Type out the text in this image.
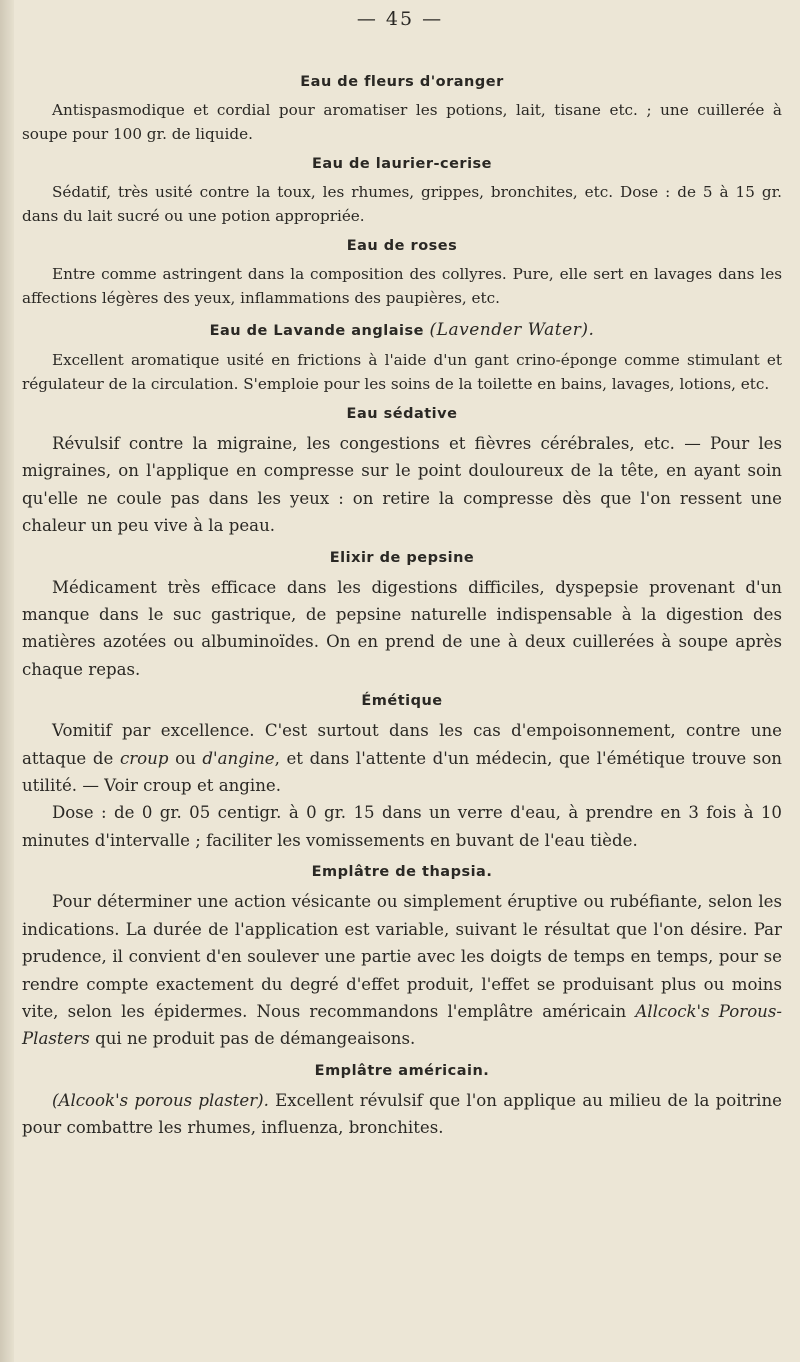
— 45 —
Eau de fleurs d'oranger

Antispasmodique et cordial pour aromatiser les potions, lait, tisane etc. ; une cuillerée à soupe pour 100 gr. de liquide.

Eau de laurier-cerise

Sédatif, très usité contre la toux, les rhumes, grippes, bronchites, etc. Dose : de 5 à 15 gr. dans du lait sucré ou une potion appropriée.

Eau de roses

Entre comme astringent dans la composition des collyres. Pure, elle sert en lavages dans les affections légères des yeux, inflammations des paupières, etc.

Eau de Lavande anglaise (Lavender Water).

Excellent aromatique usité en frictions à l'aide d'un gant crino-éponge comme stimulant et régulateur de la circulation. S'emploie pour les soins de la toilette en bains, lavages, lotions, etc.

Eau sédative

Révulsif contre la migraine, les congestions et fièvres cérébrales, etc. — Pour les migraines, on l'applique en compresse sur le point douloureux de la tête, en ayant soin qu'elle ne coule pas dans les yeux : on retire la compresse dès que l'on ressent une chaleur un peu vive à la peau.

Elixir de pepsine

Médicament très efficace dans les digestions difficiles, dyspepsie provenant d'un manque dans le suc gastrique, de pepsine naturelle indispensable à la digestion des matières azotées ou albuminoïdes. On en prend de une à deux cuillerées à soupe après chaque repas.

Émétique

Vomitif par excellence. C'est surtout dans les cas d'empoisonnement, contre une attaque de croup ou d'angine, et dans l'attente d'un médecin, que l'émétique trouve son utilité. — Voir croup et angine.

Dose : de 0 gr. 05 centigr. à 0 gr. 15 dans un verre d'eau, à prendre en 3 fois à 10 minutes d'intervalle ; faciliter les vomissements en buvant de l'eau tiède.

Emplâtre de thapsia.

Pour déterminer une action vésicante ou simplement éruptive ou rubéfiante, selon les indications. La durée de l'application est variable, suivant le résultat que l'on désire. Par prudence, il convient d'en soulever une partie avec les doigts de temps en temps, pour se rendre compte exactement du degré d'effet produit, l'effet se produisant plus ou moins vite, selon les épidermes. Nous recommandons l'emplâtre américain Allcock's Porous-Plasters qui ne produit pas de démangeaisons.

Emplâtre américain.

(Alcook's porous plaster). Excellent révulsif que l'on applique au milieu de la poitrine pour combattre les rhumes, influenza, bronchites.
